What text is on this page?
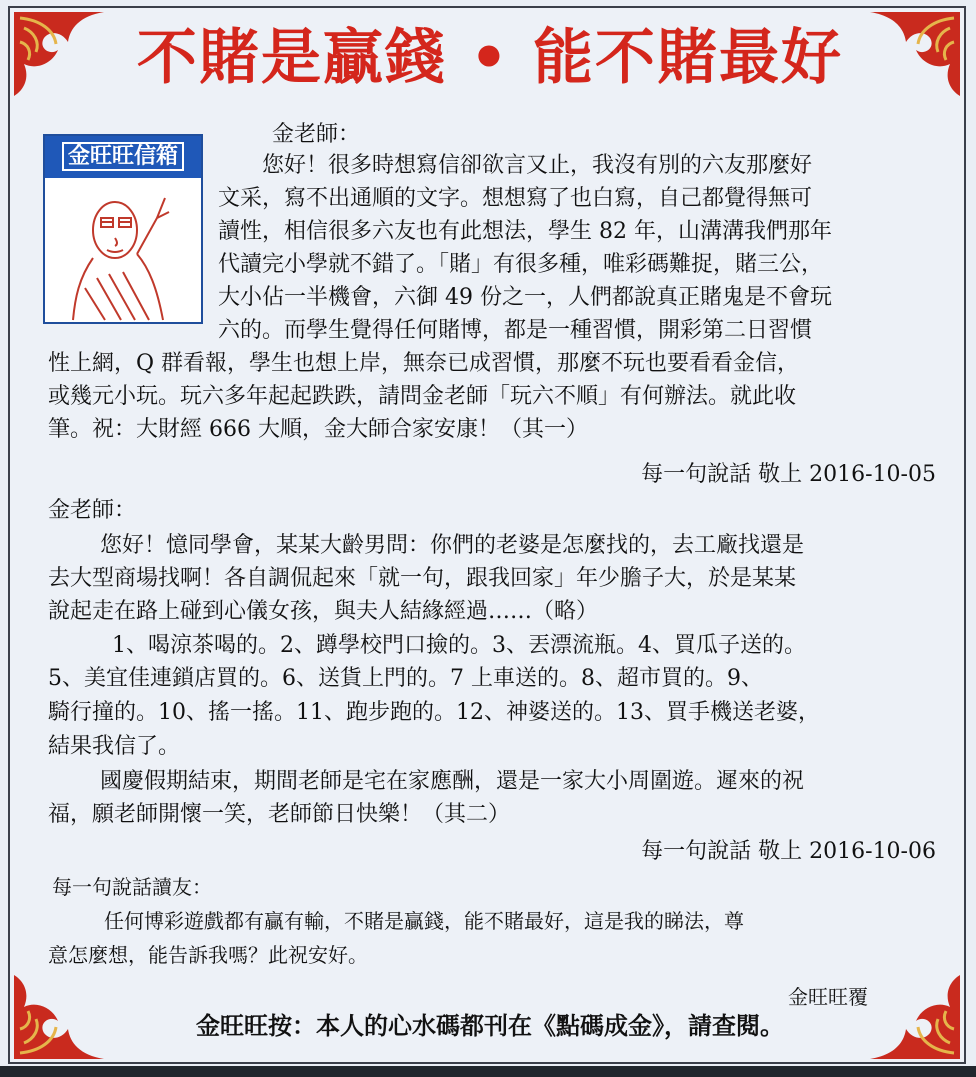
不賭是贏錢 • 能不賭最好
金旺旺信箱
金老師：
您好！很多時想寫信卻欲言又止，我沒有別的六友那麼好
文采，寫不出通順的文字。想想寫了也白寫，自己都覺得無可
讀性，相信很多六友也有此想法，學生 82 年，山溝溝我們那年
代讀完小學就不錯了。「賭」有很多種，唯彩碼難捉，賭三公，
大小佔一半機會，六御 49 份之一，人們都說真正賭鬼是不會玩
六的。而學生覺得任何賭博，都是一種習慣，開彩第二日習慣
性上網，Q 群看報，學生也想上岸，無奈已成習慣，那麼不玩也要看看金信，
或幾元小玩。玩六多年起起跌跌，請問金老師「玩六不順」有何辦法。就此收
筆。祝：大財經 666 大順，金大師合家安康！（其一）
每一句說話 敬上 2016-10-05
金老師：
您好！憶同學會，某某大齡男問：你們的老婆是怎麼找的，去工廠找還是
去大型商場找啊！各自調侃起來「就一句，跟我回家」年少膽子大，於是某某
說起走在路上碰到心儀女孩，與夫人結緣經過……（略）
1、喝涼茶喝的。2、蹲學校門口撿的。3、丟漂流瓶。4、買瓜子送的。
5、美宜佳連鎖店買的。6、送貨上門的。7 上車送的。8、超市買的。9、
騎行撞的。10、搖一搖。11、跑步跑的。12、神婆送的。13、買手機送老婆，
結果我信了。
國慶假期結束，期間老師是宅在家應酬，還是一家大小周圍遊。遲來的祝
福，願老師開懷一笑，老師節日快樂！（其二）
每一句說話 敬上 2016-10-06
每一句說話讀友：
任何博彩遊戲都有贏有輸，不賭是贏錢，能不賭最好，這是我的睇法，尊
意怎麼想，能告訴我嗎？此祝安好。
金旺旺覆
金旺旺按：本人的心水碼都刊在《點碼成金》，請查閱。
